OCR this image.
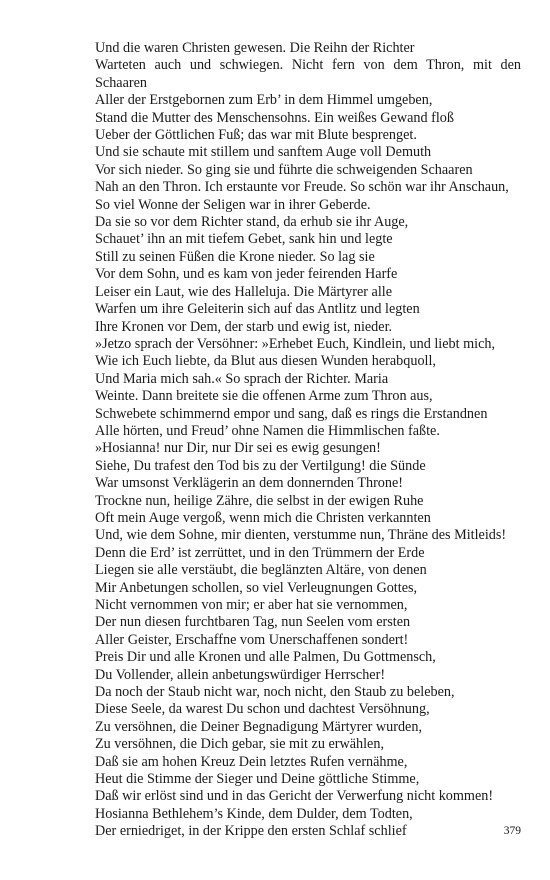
Und die waren Christen gewesen. Die Reihn der Richter
Warteten auch und schwiegen. Nicht fern von dem Thron, mit den
Schaaren
Aller der Erstgebornen zum Erb’ in dem Himmel umgeben,
Stand die Mutter des Menschensohns. Ein weißes Gewand floß
Ueber der Göttlichen Fuß; das war mit Blute besprenget.
Und sie schaute mit stillem und sanftem Auge voll Demuth
Vor sich nieder. So ging sie und führte die schweigenden Schaaren
Nah an den Thron. Ich erstaunte vor Freude. So schön war ihr Anschaun,
So viel Wonne der Seligen war in ihrer Geberde.
Da sie so vor dem Richter stand, da erhub sie ihr Auge,
Schauet’ ihn an mit tiefem Gebet, sank hin und legte
Still zu seinen Füßen die Krone nieder. So lag sie
Vor dem Sohn, und es kam von jeder feirenden Harfe
Leiser ein Laut, wie des Halleluja. Die Märtyrer alle
Warfen um ihre Geleiterin sich auf das Antlitz und legten
Ihre Kronen vor Dem, der starb und ewig ist, nieder.
»Jetzo sprach der Versöhner: »Erhebet Euch, Kindlein, und liebt mich,
Wie ich Euch liebte, da Blut aus diesen Wunden herabquoll,
Und Maria mich sah.« So sprach der Richter. Maria
Weinte. Dann breitete sie die offenen Arme zum Thron aus,
Schwebete schimmernd empor und sang, daß es rings die Erstandnen
Alle hörten, und Freud’ ohne Namen die Himmlischen faßte.
»Hosianna! nur Dir, nur Dir sei es ewig gesungen!
Siehe, Du trafest den Tod bis zu der Vertilgung! die Sünde
War umsonst Verklägerin an dem donnernden Throne!
Trockne nun, heilige Zähre, die selbst in der ewigen Ruhe
Oft mein Auge vergoß, wenn mich die Christen verkannten
Und, wie dem Sohne, mir dienten, verstumme nun, Thräne des Mitleids!
Denn die Erd’ ist zerrüttet, und in den Trümmern der Erde
Liegen sie alle verstäubt, die beglänzten Altäre, von denen
Mir Anbetungen schollen, so viel Verleugnungen Gottes,
Nicht vernommen von mir; er aber hat sie vernommen,
Der nun diesen furchtbaren Tag, nun Seelen vom ersten
Aller Geister, Erschaffne vom Unerschaffenen sondert!
Preis Dir und alle Kronen und alle Palmen, Du Gottmensch,
Du Vollender, allein anbetungswürdiger Herrscher!
Da noch der Staub nicht war, noch nicht, den Staub zu beleben,
Diese Seele, da warest Du schon und dachtest Versöhnung,
Zu versöhnen, die Deiner Begnadigung Märtyrer wurden,
Zu versöhnen, die Dich gebar, sie mit zu erwählen,
Daß sie am hohen Kreuz Dein letztes Rufen vernähme,
Heut die Stimme der Sieger und Deine göttliche Stimme,
Daß wir erlöst sind und in das Gericht der Verwerfung nicht kommen!
Hosianna Bethlehem’s Kinde, dem Dulder, dem Todten,
Der erniedriget, in der Krippe den ersten Schlaf schlief	379
